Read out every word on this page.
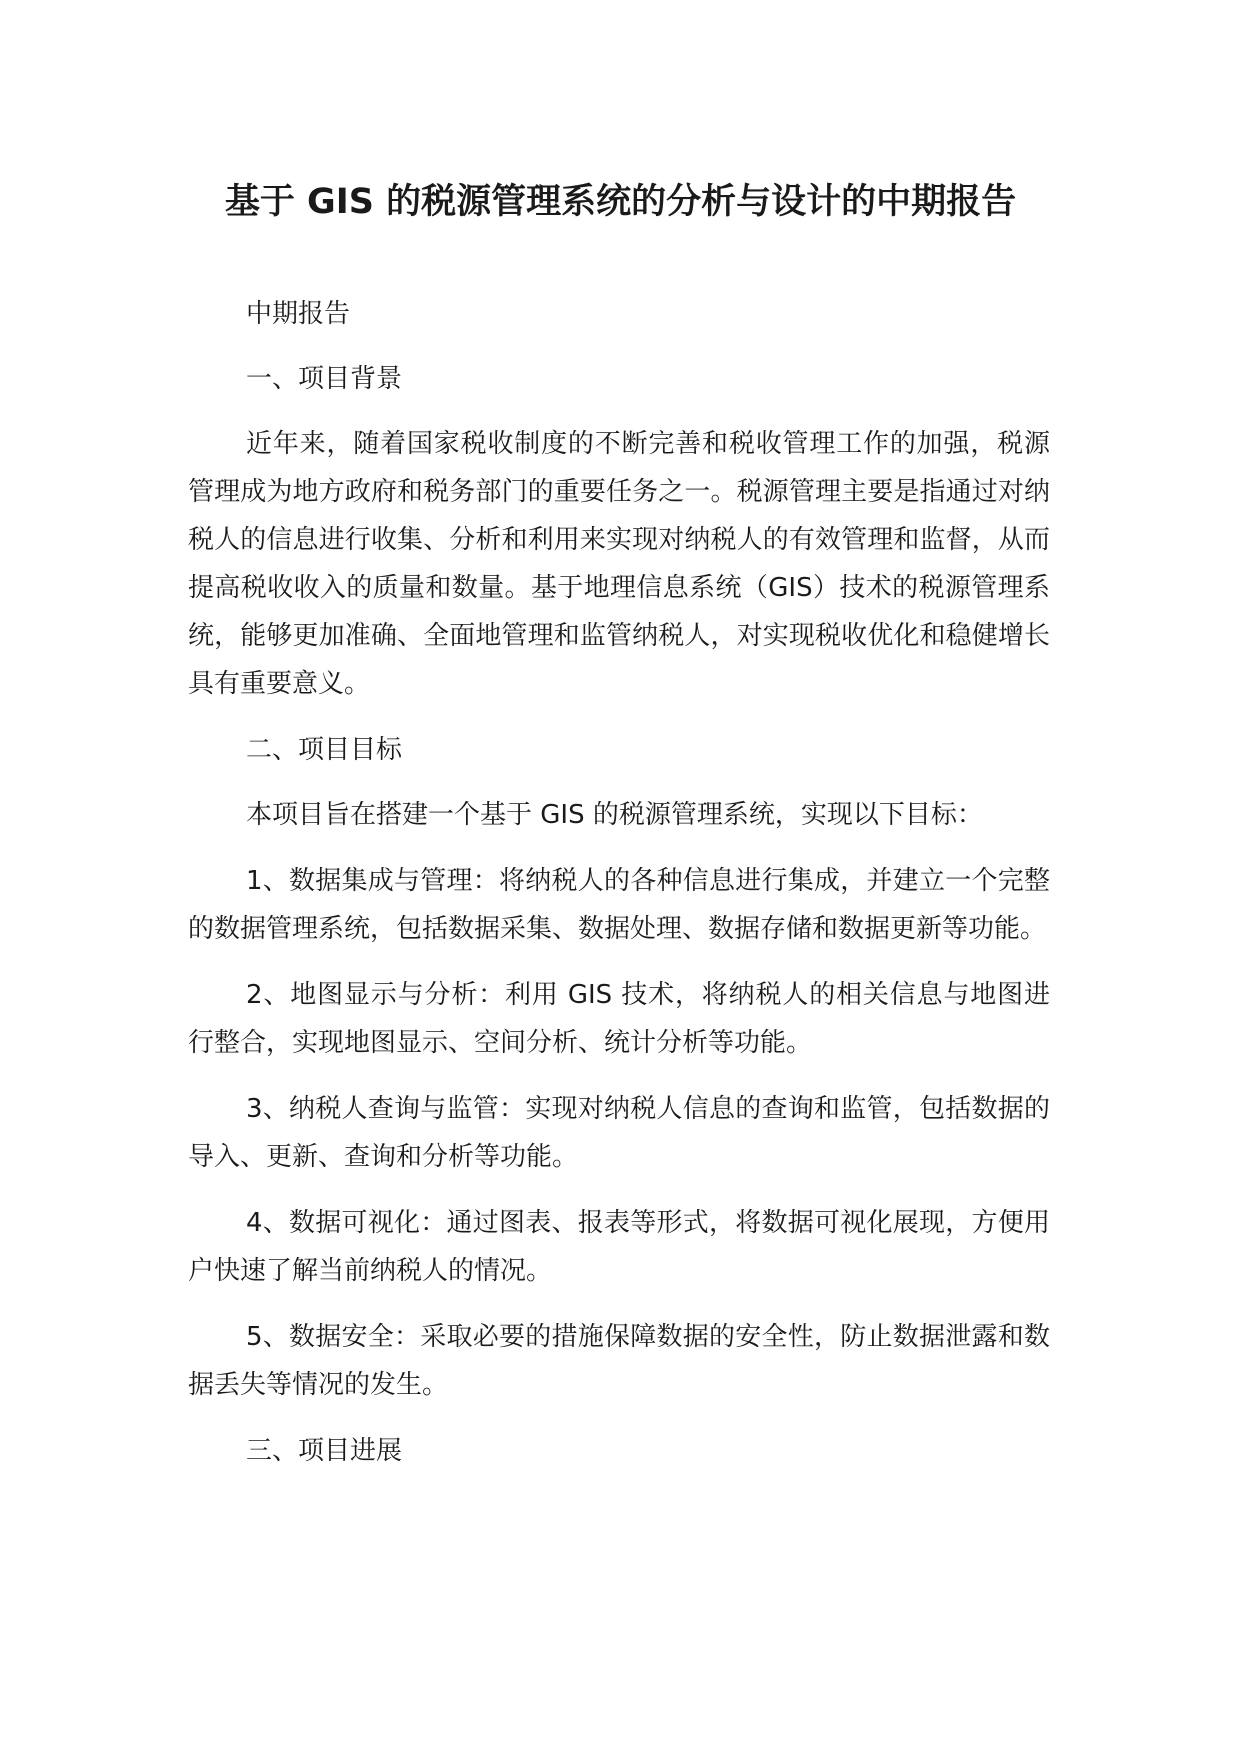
基于 GIS 的税源管理系统的分析与设计的中期报告

中期报告

一、项目背景

近年来，随着国家税收制度的不断完善和税收管理工作的加强，税源管理成为地方政府和税务部门的重要任务之一。税源管理主要是指通过对纳税人的信息进行收集、分析和利用来实现对纳税人的有效管理和监督，从而提高税收收入的质量和数量。基于地理信息系统（GIS）技术的税源管理系统，能够更加准确、全面地管理和监管纳税人，对实现税收优化和稳健增长具有重要意义。

二、项目目标

本项目旨在搭建一个基于 GIS 的税源管理系统，实现以下目标：

1、数据集成与管理：将纳税人的各种信息进行集成，并建立一个完整的数据管理系统，包括数据采集、数据处理、数据存储和数据更新等功能。

2、地图显示与分析：利用 GIS 技术，将纳税人的相关信息与地图进行整合，实现地图显示、空间分析、统计分析等功能。

3、纳税人查询与监管：实现对纳税人信息的查询和监管，包括数据的导入、更新、查询和分析等功能。

4、数据可视化：通过图表、报表等形式，将数据可视化展现，方便用户快速了解当前纳税人的情况。

5、数据安全：采取必要的措施保障数据的安全性，防止数据泄露和数据丢失等情况的发生。

三、项目进展
